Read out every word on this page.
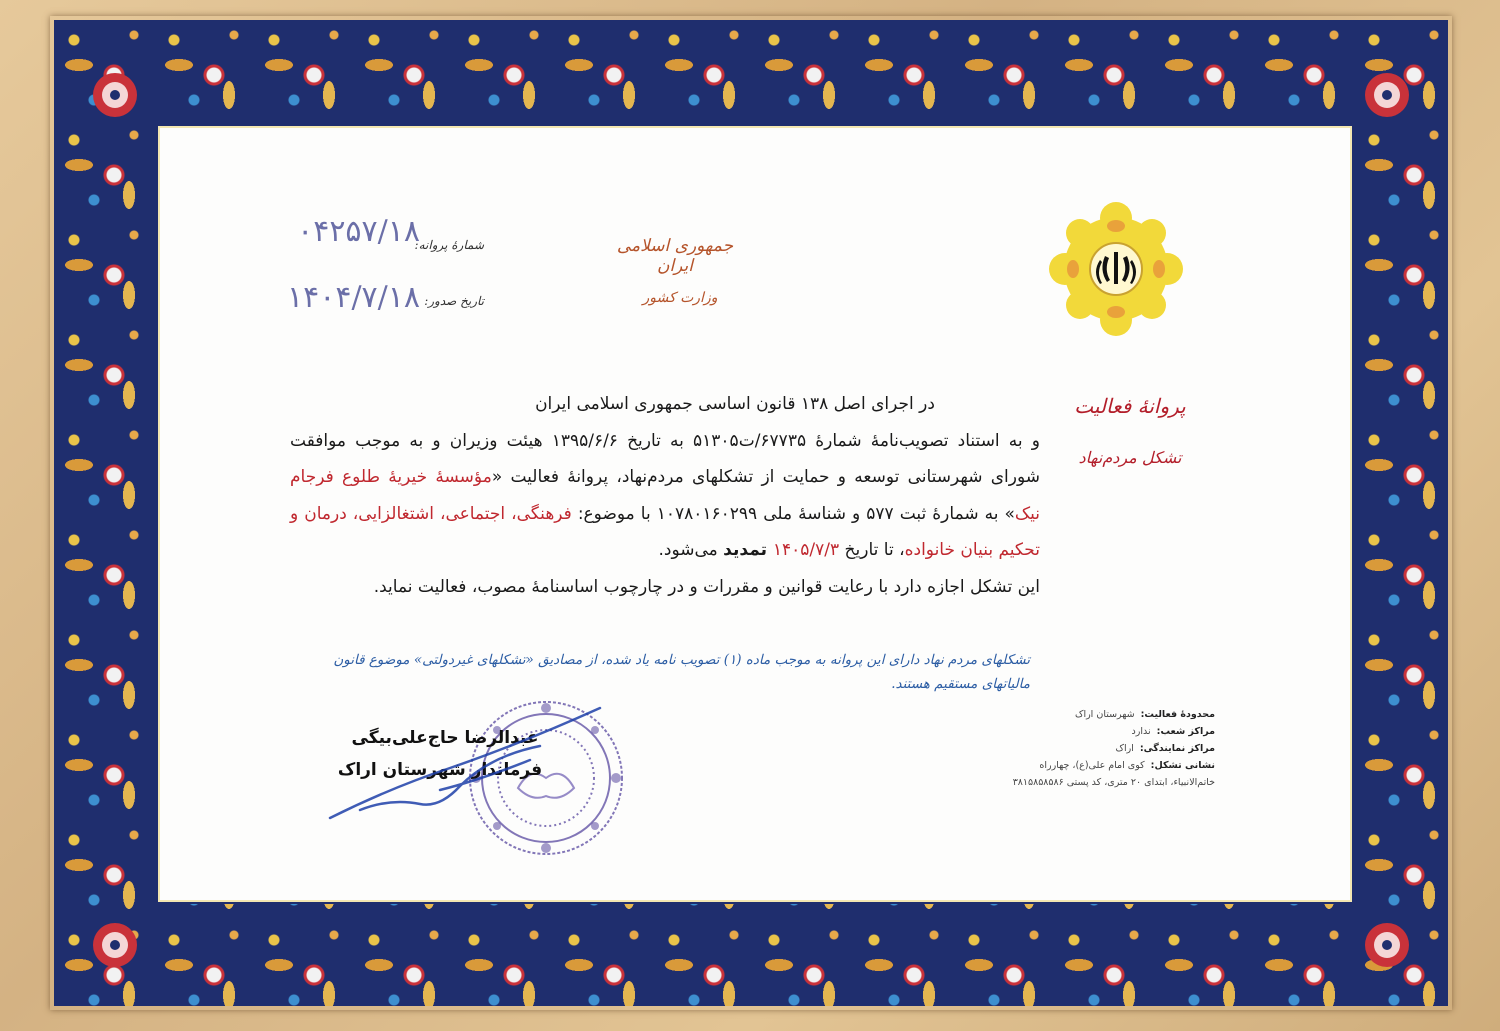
جمهوری اسلامی ایران
وزارت کشور
شمارهٔ پروانه:
۰۴۲۵۷/۱۸
تاریخ صدور:
۱۴۰۴/۷/۱۸
پروانهٔ فعالیت
تشکل مردم‌نهاد
در اجرای اصل ۱۳۸ قانون اساسی جمهوری اسلامی ایران
و به استناد تصویب‌نامهٔ شمارهٔ ۶۷۷۳۵/ت۵۱۳۰۵ به تاریخ ۱۳۹۵/۶/۶ هیئت وزیران و به موجب موافقت شورای شهرستانی توسعه و حمایت از تشکلهای مردم‌نهاد، پروانهٔ فعالیت «مؤسسهٔ خیریهٔ طلوع فرجام نیک» به شمارهٔ ثبت ۵۷۷ و شناسهٔ ملی ۱۰۷۸۰۱۶۰۲۹۹ با موضوع: فرهنگی، اجتماعی، اشتغالزایی، درمان و تحکیم بنیان خانواده، تا تاریخ ۱۴۰۵/۷/۳ تمدید می‌شود.
این تشکل اجازه دارد با رعایت قوانین و مقررات و در چارچوب اساسنامهٔ مصوب، فعالیت نماید.
تشکلهای مردم نهاد دارای این پروانه به موجب ماده (۱) تصویب نامه یاد شده، از مصادیق «تشکلهای غیردولتی» موضوع قانون مالیاتهای مستقیم هستند.
محدودهٔ فعالیت:شهرستان اراک
مراکز شعب:ندارد
مراکز نمایندگی:اراک
نشانی تشکل:کوی امام علی(ع)، چهارراه خاتم‌الانبیاء، ابتدای ۲۰ متری، کد پستی ۳۸۱۵۸۵۸۵۸۶
عبدالرضا حاج‌علی‌بیگی
فرماندار شهرستان اراک
